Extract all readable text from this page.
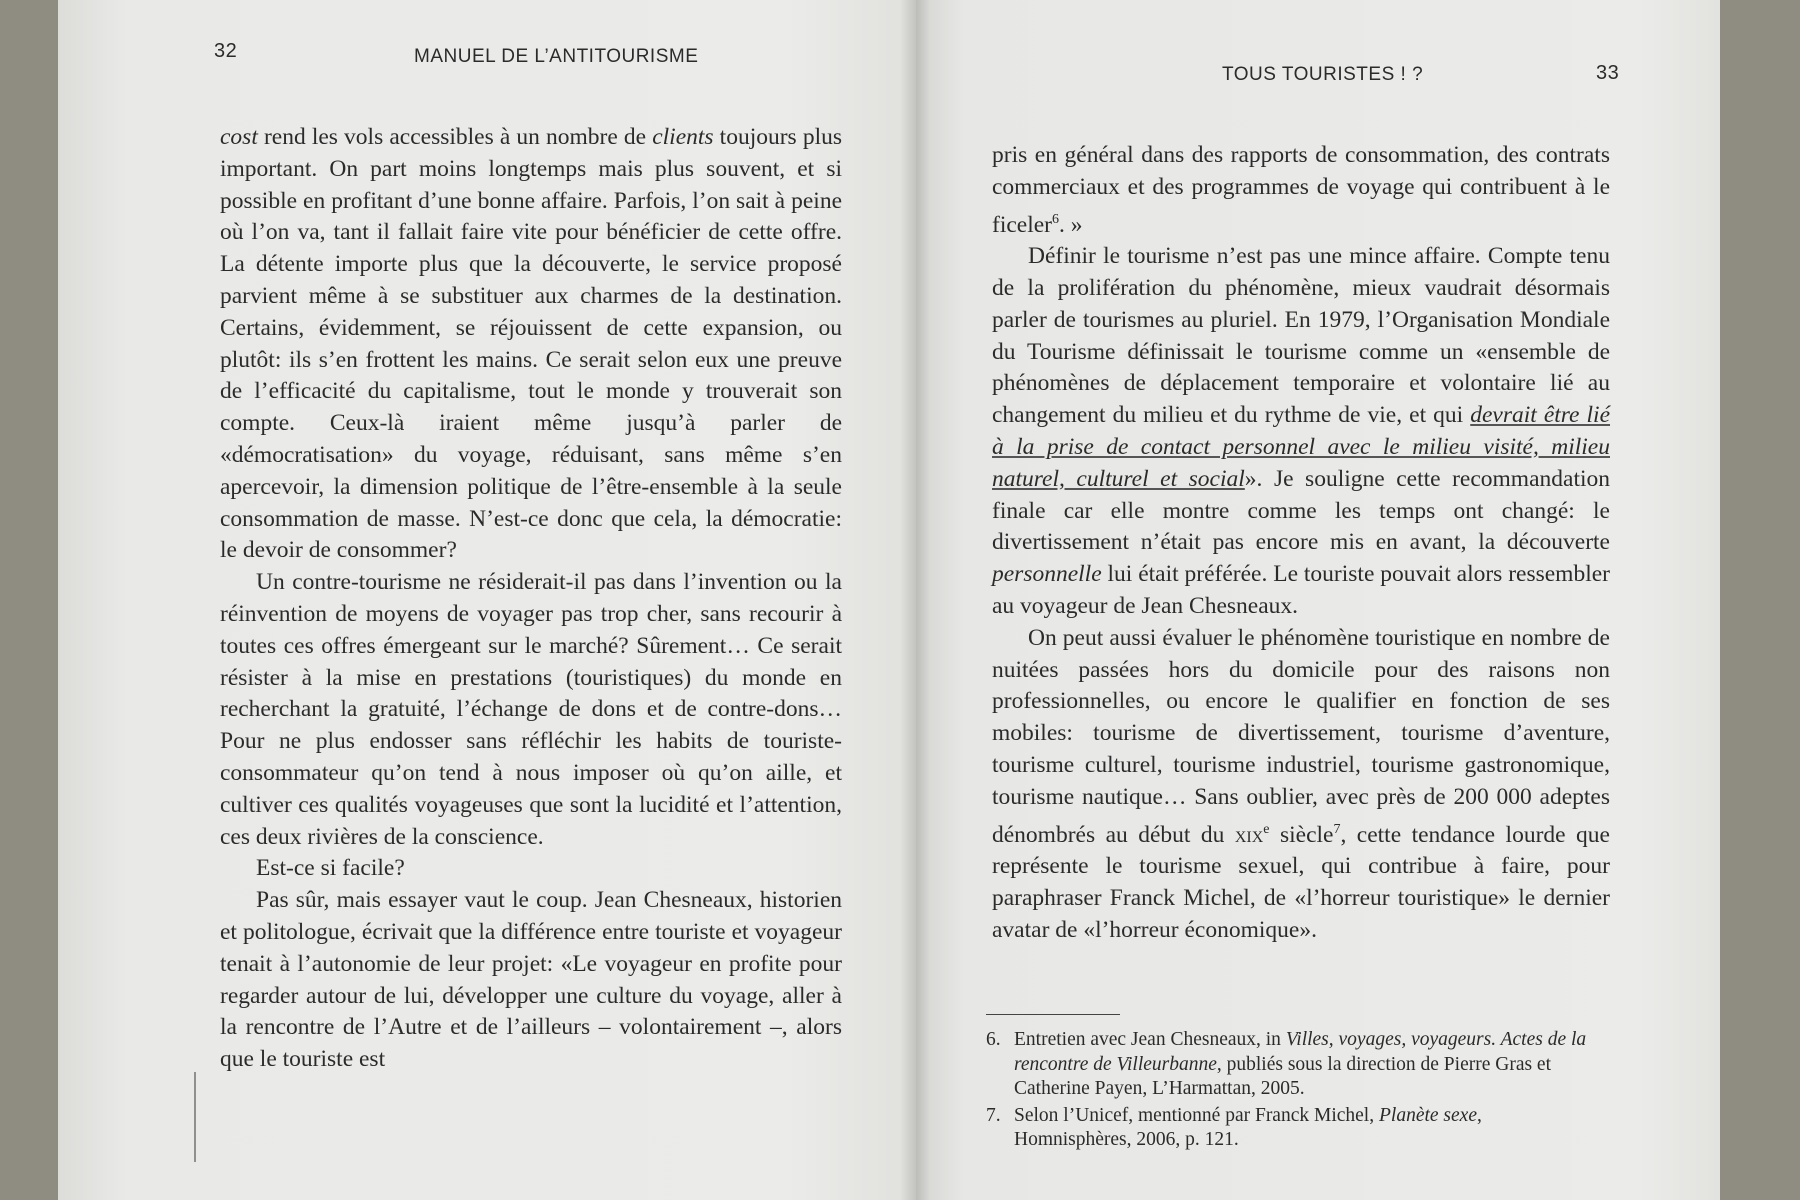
32	MANUEL DE L’ANTITOURISME

cost rend les vols accessibles à un nombre de clients toujours plus important. On part moins longtemps mais plus souvent, et si possible en profitant d’une bonne affaire. Parfois, l’on sait à peine où l’on va, tant il fallait faire vite pour bénéficier de cette offre. La détente importe plus que la découverte, le service proposé parvient même à se substituer aux charmes de la destination. Certains, évidemment, se réjouissent de cette expansion, ou plutôt: ils s’en frottent les mains. Ce serait selon eux une preuve de l’efficacité du capitalisme, tout le monde y trouverait son compte. Ceux-là iraient même jusqu’à parler de «démocratisation» du voyage, réduisant, sans même s’en apercevoir, la dimension politique de l’être-ensemble à la seule consommation de masse. N’est-ce donc que cela, la démocratie: le devoir de consommer?

Un contre-tourisme ne résiderait-il pas dans l’invention ou la réinvention de moyens de voyager pas trop cher, sans recourir à toutes ces offres émergeant sur le marché? Sûrement… Ce serait résister à la mise en prestations (touristiques) du monde en recherchant la gratuité, l’échange de dons et de contre-dons… Pour ne plus endosser sans réfléchir les habits de touriste-consommateur qu’on tend à nous imposer où qu’on aille, et cultiver ces qualités voyageuses que sont la lucidité et l’attention, ces deux rivières de la conscience.

Est-ce si facile?

Pas sûr, mais essayer vaut le coup. Jean Chesneaux, historien et politologue, écrivait que la différence entre touriste et voyageur tenait à l’autonomie de leur projet: «Le voyageur en profite pour regarder autour de lui, développer une culture du voyage, aller à la rencontre de l’Autre et de l’ailleurs – volontairement –, alors que le touriste est

TOUS TOURISTES ! ?	33

pris en général dans des rapports de consommation, des contrats commerciaux et des programmes de voyage qui contribuent à le ficeler$^6$. »

Définir le tourisme n’est pas une mince affaire. Compte tenu de la prolifération du phénomène, mieux vaudrait désormais parler de tourismes au pluriel. En 1979, l’Organisation Mondiale du Tourisme définissait le tourisme comme un «ensemble de phénomènes de déplacement temporaire et volontaire lié au changement du milieu et du rythme de vie, et qui devrait être lié à la prise de contact personnel avec le milieu visité, milieu naturel, culturel et social». Je souligne cette recommandation finale car elle montre comme les temps ont changé: le divertissement n’était pas encore mis en avant, la découverte personnelle lui était préférée. Le touriste pouvait alors ressembler au voyageur de Jean Chesneaux.

On peut aussi évaluer le phénomène touristique en nombre de nuitées passées hors du domicile pour des raisons non professionnelles, ou encore le qualifier en fonction de ses mobiles: tourisme de divertissement, tourisme d’aventure, tourisme culturel, tourisme industriel, tourisme gastronomique, tourisme nautique… Sans oublier, avec près de 200 000 adeptes dénombrés au début du xix$^e$ siècle$^7$, cette tendance lourde que représente le tourisme sexuel, qui contribue à faire, pour paraphraser Franck Michel, de «l’horreur touristique» le dernier avatar de «l’horreur économique».

6. Entretien avec Jean Chesneaux, in Villes, voyages, voyageurs. Actes de la rencontre de Villeurbanne, publiés sous la direction de Pierre Gras et Catherine Payen, L’Harmattan, 2005.
7. Selon l’Unicef, mentionné par Franck Michel, Planète sexe, Homnisphères, 2006, p. 121.
